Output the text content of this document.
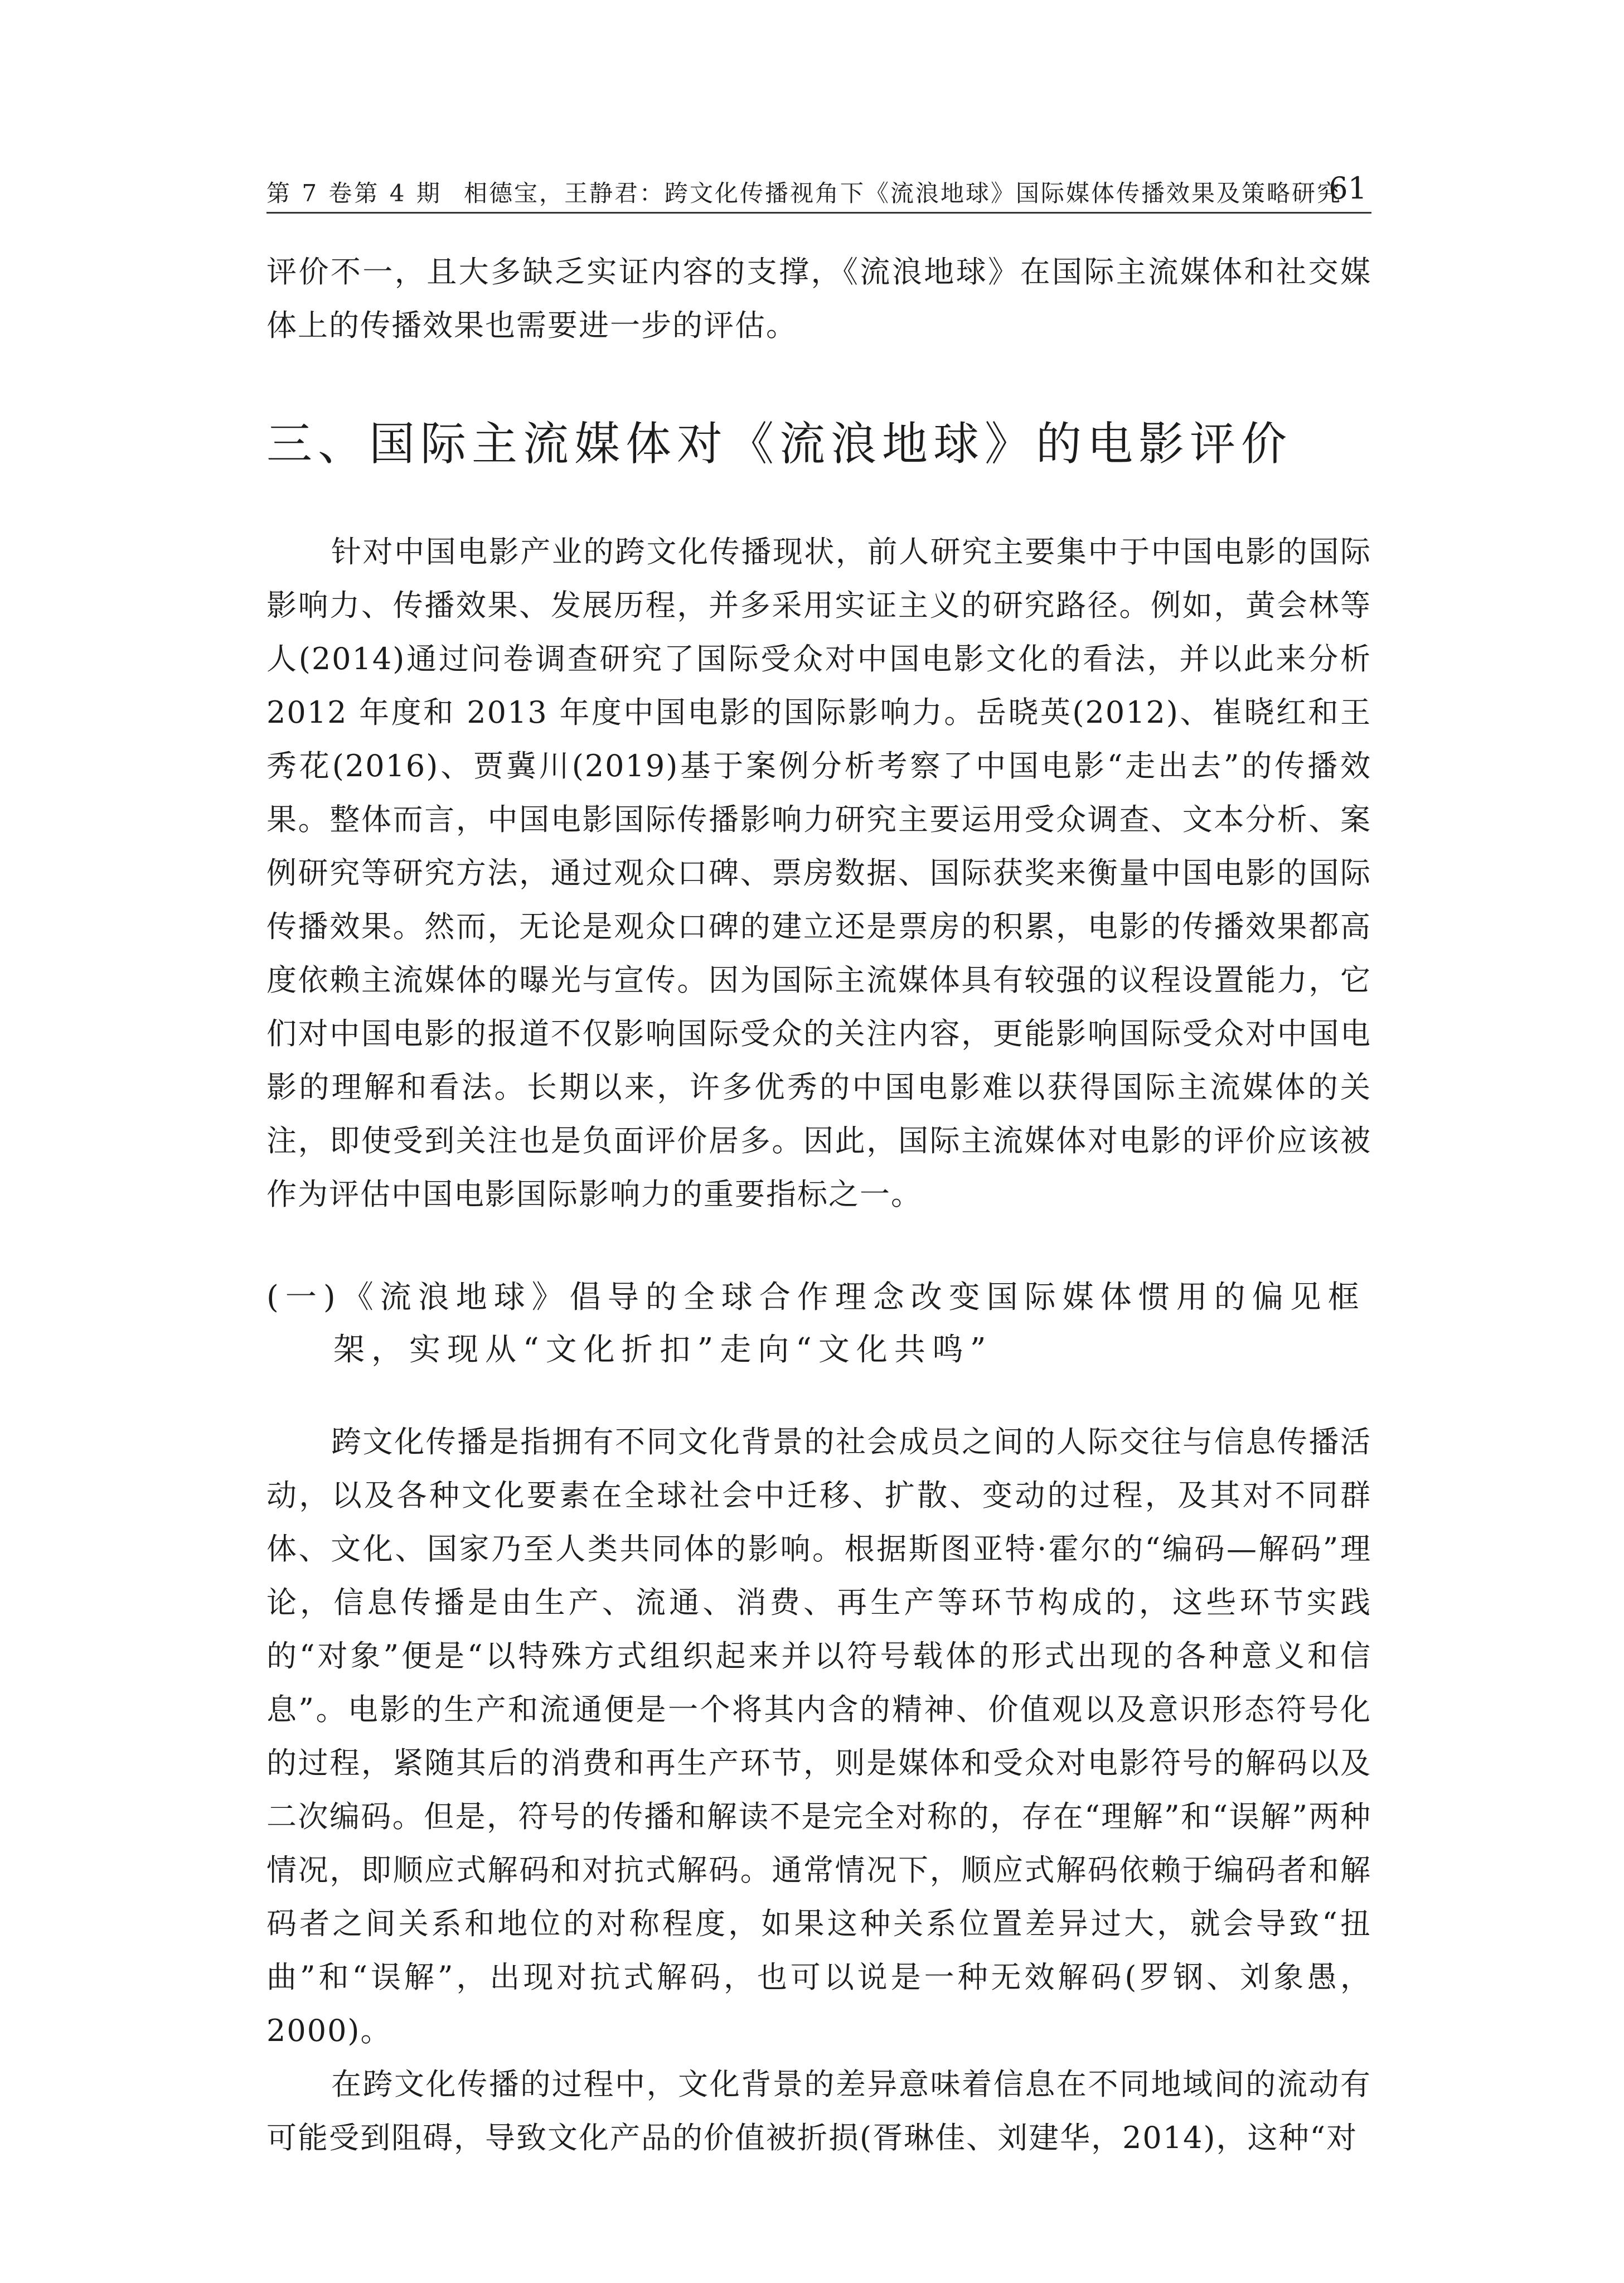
第 7 卷第 4 期 相德宝，王静君：跨文化传播视角下《流浪地球》国际媒体传播效果及策略研究
61

评价不一，且大多缺乏实证内容的支撑，《流浪地球》在国际主流媒体和社交媒体上的传播效果也需要进一步的评估。

三、国际主流媒体对《流浪地球》的电影评价

针对中国电影产业的跨文化传播现状，前人研究主要集中于中国电影的国际影响力、传播效果、发展历程，并多采用实证主义的研究路径。例如，黄会林等人(2014)通过问卷调查研究了国际受众对中国电影文化的看法，并以此来分析 2012 年度和 2013 年度中国电影的国际影响力。岳晓英(2012)、崔晓红和王秀花(2016)、贾冀川(2019)基于案例分析考察了中国电影“走出去”的传播效果。整体而言，中国电影国际传播影响力研究主要运用受众调查、文本分析、案例研究等研究方法，通过观众口碑、票房数据、国际获奖来衡量中国电影的国际传播效果。然而，无论是观众口碑的建立还是票房的积累，电影的传播效果都高度依赖主流媒体的曝光与宣传。因为国际主流媒体具有较强的议程设置能力，它们对中国电影的报道不仅影响国际受众的关注内容，更能影响国际受众对中国电影的理解和看法。长期以来，许多优秀的中国电影难以获得国际主流媒体的关注，即使受到关注也是负面评价居多。因此，国际主流媒体对电影的评价应该被作为评估中国电影国际影响力的重要指标之一。

(一)《流浪地球》倡导的全球合作理念改变国际媒体惯用的偏见框架，实现从“文化折扣”走向“文化共鸣”

跨文化传播是指拥有不同文化背景的社会成员之间的人际交往与信息传播活动，以及各种文化要素在全球社会中迁移、扩散、变动的过程，及其对不同群体、文化、国家乃至人类共同体的影响。根据斯图亚特·霍尔的“编码—解码”理论，信息传播是由生产、流通、消费、再生产等环节构成的，这些环节实践的“对象”便是“以特殊方式组织起来并以符号载体的形式出现的各种意义和信息”。电影的生产和流通便是一个将其内含的精神、价值观以及意识形态符号化的过程，紧随其后的消费和再生产环节，则是媒体和受众对电影符号的解码以及二次编码。但是，符号的传播和解读不是完全对称的，存在“理解”和“误解”两种情况，即顺应式解码和对抗式解码。通常情况下，顺应式解码依赖于编码者和解码者之间关系和地位的对称程度，如果这种关系位置差异过大，就会导致“扭曲”和“误解”，出现对抗式解码，也可以说是一种无效解码(罗钢、刘象愚，2000)。

在跨文化传播的过程中，文化背景的差异意味着信息在不同地域间的流动有可能受到阻碍，导致文化产品的价值被折损(胥琳佳、刘建华，2014)，这种“对
